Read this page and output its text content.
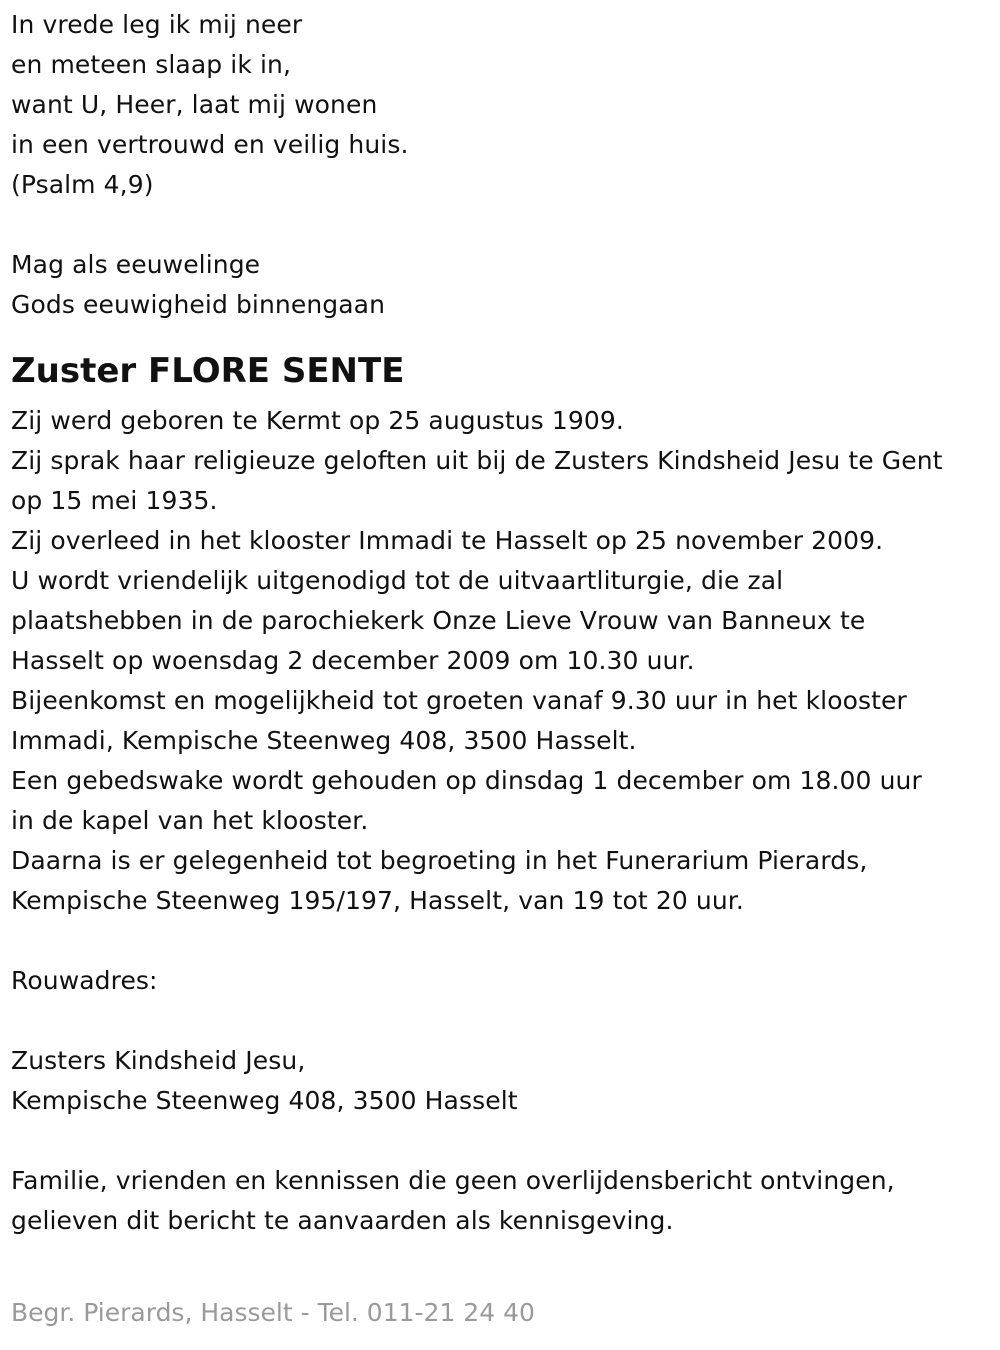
In vrede leg ik mij neer
en meteen slaap ik in,
want U, Heer, laat mij wonen
in een vertrouwd en veilig huis.
(Psalm 4,9)
Mag als eeuwelinge
Gods eeuwigheid binnengaan
Zuster FLORE SENTE
Zij werd geboren te Kermt op 25 augustus 1909.
Zij sprak haar religieuze geloften uit bij de Zusters Kindsheid Jesu te Gent
op 15 mei 1935.
Zij overleed in het klooster Immadi te Hasselt op 25 november 2009.
U wordt vriendelijk uitgenodigd tot de uitvaartliturgie, die zal
plaatshebben in de parochiekerk Onze Lieve Vrouw van Banneux te
Hasselt op woensdag 2 december 2009 om 10.30 uur.
Bijeenkomst en mogelijkheid tot groeten vanaf 9.30 uur in het klooster
Immadi, Kempische Steenweg 408, 3500 Hasselt.
Een gebedswake wordt gehouden op dinsdag 1 december om 18.00 uur
in de kapel van het klooster.
Daarna is er gelegenheid tot begroeting in het Funerarium Pierards,
Kempische Steenweg 195/197, Hasselt, van 19 tot 20 uur.
Rouwadres:
Zusters Kindsheid Jesu,
Kempische Steenweg 408, 3500 Hasselt
Familie, vrienden en kennissen die geen overlijdensbericht ontvingen,
gelieven dit bericht te aanvaarden als kennisgeving.
Begr. Pierards, Hasselt - Tel. 011-21 24 40
